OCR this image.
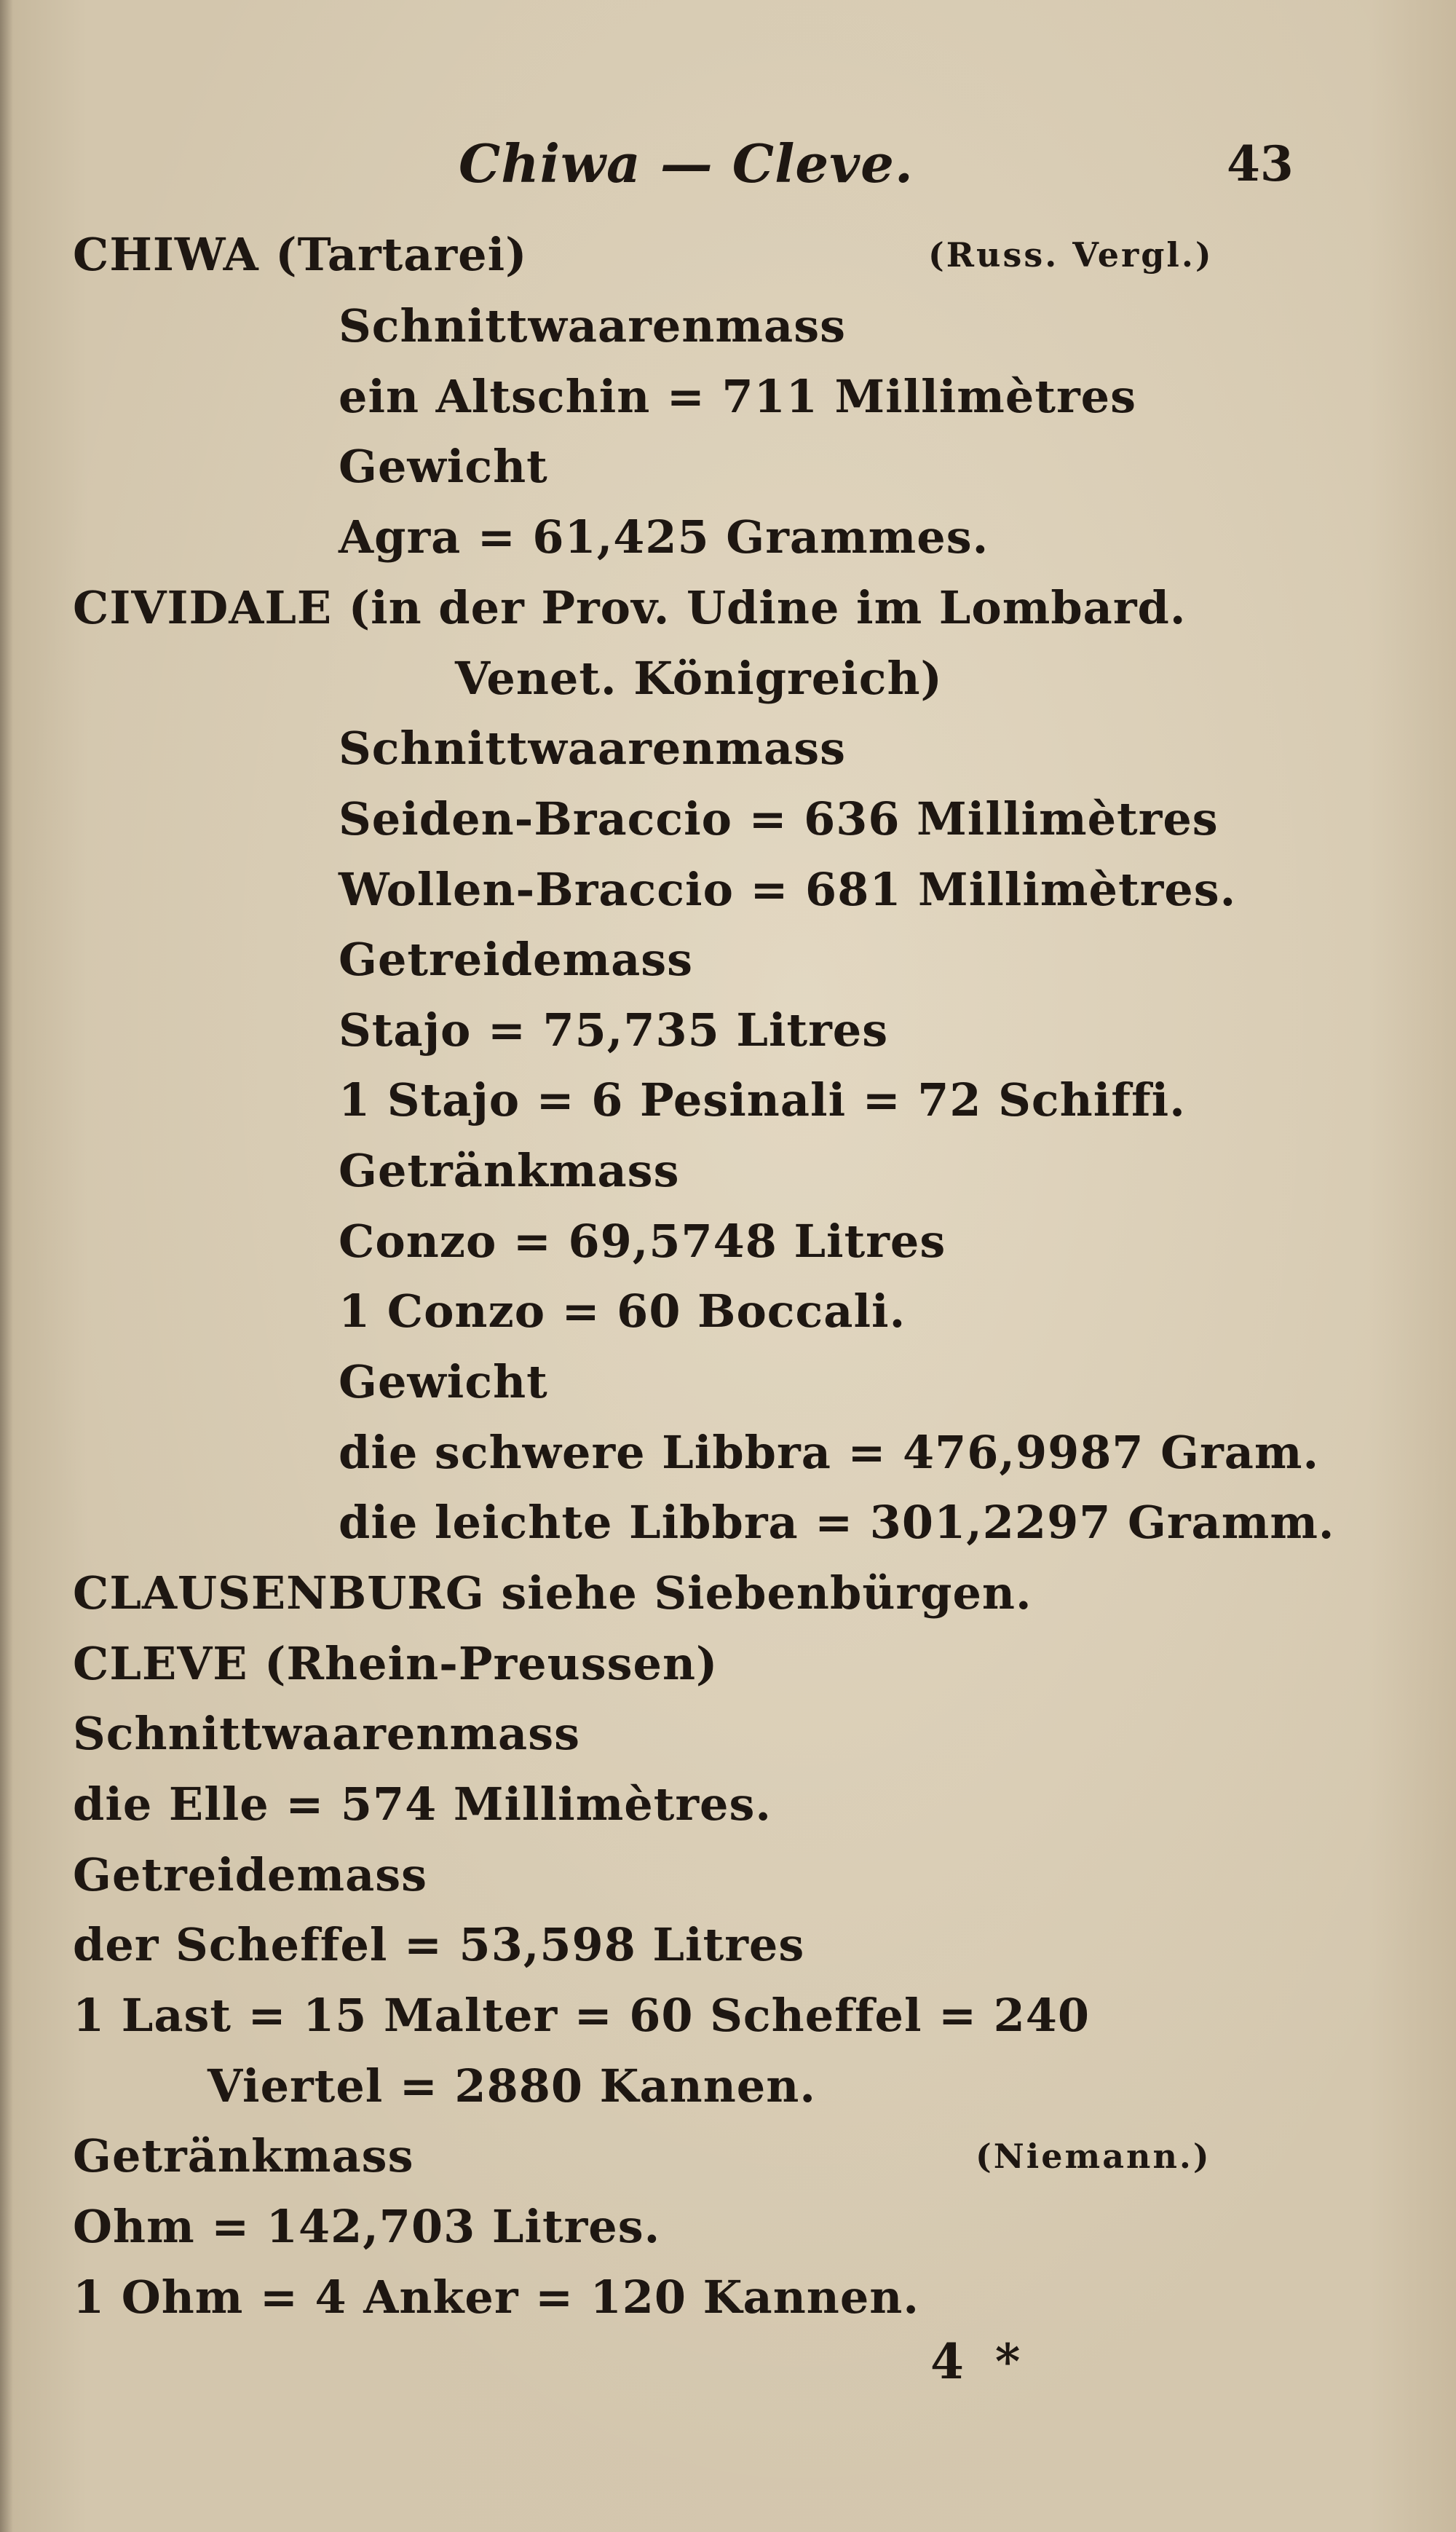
Chiwa — Cleve.	43
CHIWA (Tartarei)	(Russ. Vergl.)
Schnittwaarenmass
ein Altschin = 711 Millimètres
Gewicht
Agra = 61,425 Grammes.
CIVIDALE (in der Prov. Udine im Lombard.
Venet. Königreich)
Schnittwaarenmass
Seiden-Braccio = 636 Millimètres
Wollen-Braccio = 681 Millimètres.
Getreidemass
Stajo = 75,735 Litres
1 Stajo = 6 Pesinali = 72 Schiffi.
Getränkmass
Conzo = 69,5748 Litres
1 Conzo = 60 Boccali.
Gewicht
die schwere Libbra = 476,9987 Gram.
die leichte Libbra = 301,2297 Gramm.
CLAUSENBURG siehe Siebenbürgen.
CLEVE (Rhein-Preussen)
Schnittwaarenmass
die Elle = 574 Millimètres.
Getreidemass
der Scheffel = 53,598 Litres
1 Last = 15 Malter = 60 Scheffel = 240
Viertel = 2880 Kannen.
Getränkmass	(Niemann.)
Ohm = 142,703 Litres.
1 Ohm = 4 Anker = 120 Kannen.
4 *
